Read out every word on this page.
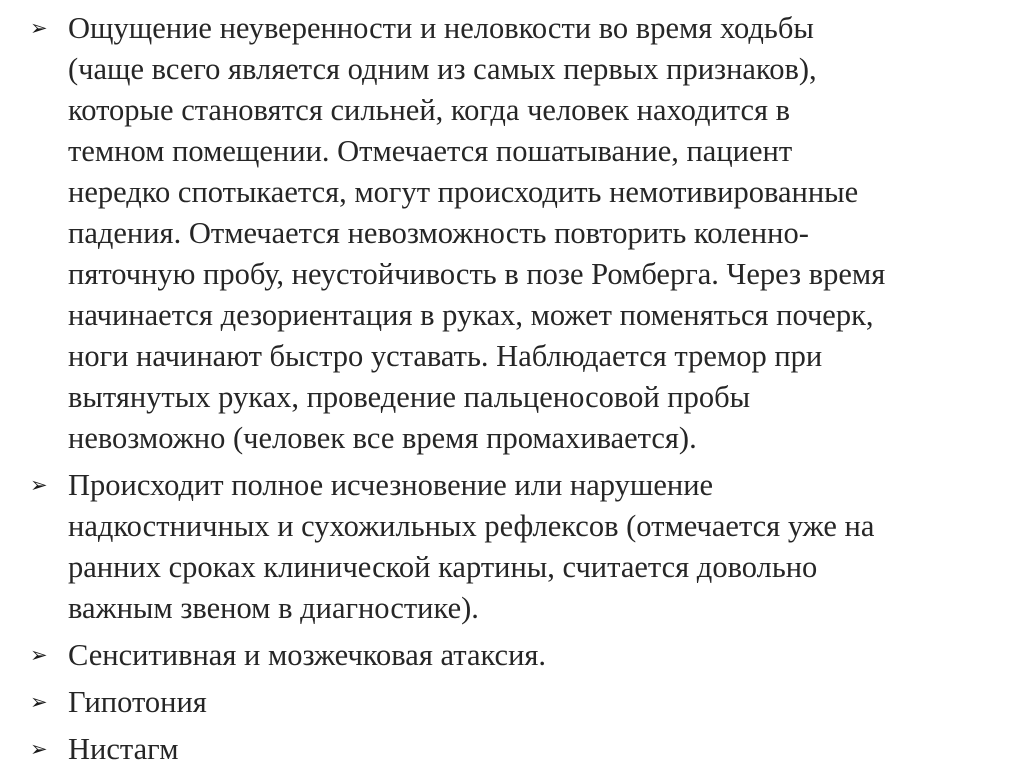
➢ Ощущение неуверенности и неловкости во время ходьбы
(чаще всего является одним из самых первых признаков),
которые становятся сильней, когда человек находится в
темном помещении. Отмечается пошатывание, пациент
нередко спотыкается, могут происходить немотивированные
падения. Отмечается невозможность повторить коленно-
пяточную пробу, неустойчивость в позе Ромберга. Через время
начинается дезориентация в руках, может поменяться почерк,
ноги начинают быстро уставать. Наблюдается тремор при
вытянутых руках, проведение пальценосовой пробы
невозможно (человек все время промахивается).
➢ Происходит полное исчезновение или нарушение
надкостничных и сухожильных рефлексов (отмечается уже на
ранних сроках клинической картины, считается довольно
важным звеном в диагностике).
➢ Сенситивная и мозжечковая атаксия.
➢ Гипотония
➢ Нистагм
